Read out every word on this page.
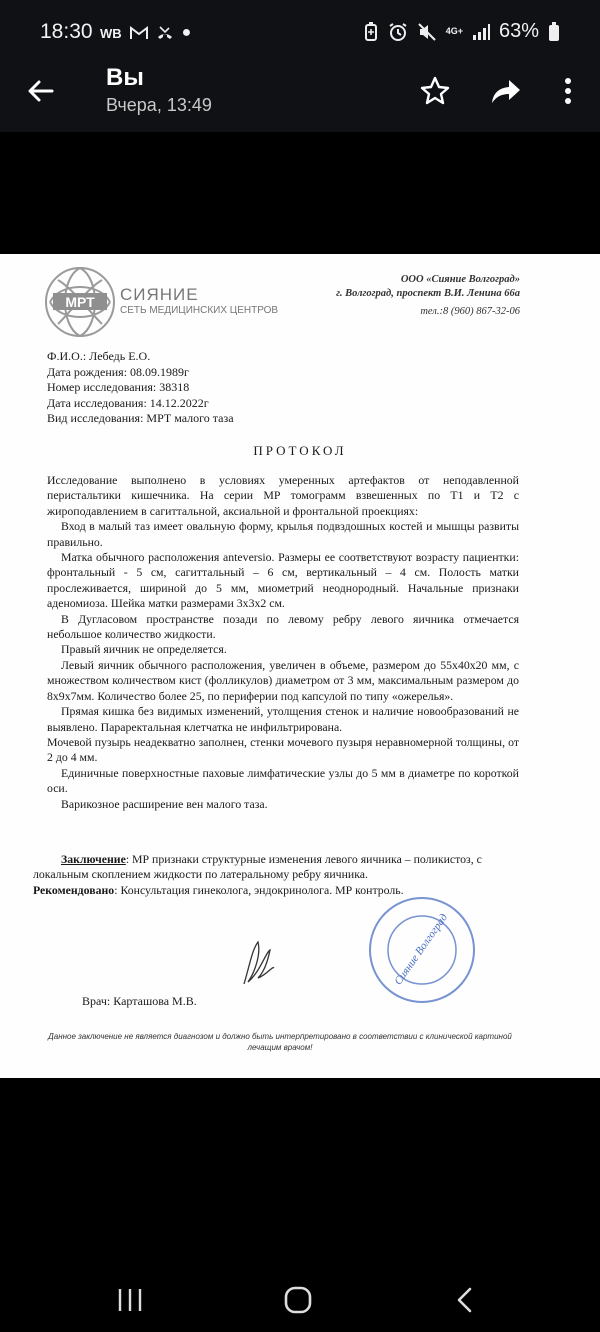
18:30 WB	●	4G+ 63%
Вы
Вчера, 13:49
МРТ СИЯНИЕ
СЕТЬ МЕДИЦИНСКИХ ЦЕНТРОВ
ООО «Сияние Волгоград»
г. Волгоград, проспект В.И. Ленина 66а
тел.:8 (960) 867-32-06
Ф.И.О.: Лебедь Е.О.
Дата рождения: 08.09.1989г
Номер исследования: 38318
Дата исследования: 14.12.2022г
Вид исследования: МРТ малого таза
ПРОТОКОЛ

Исследование выполнено в условиях умеренных артефактов от неподавленной перистальтики кишечника. На серии МР томограмм взвешенных по Т1 и Т2 с жироподавлением в сагиттальной, аксиальной и фронтальной проекциях:

Вход в малый таз имеет овальную форму, крылья подвздошных костей и мышцы развиты правильно.

Матка обычного расположения anteversio. Размеры ее соответствуют возрасту пациентки: фронтальный - 5 см, сагиттальный – 6 см, вертикальный – 4 см. Полость матки прослеживается, шириной до 5 мм, миометрий неоднородный. Начальные признаки аденомиоза. Шейка матки размерами 3х3х2 см.

В Дугласовом пространстве позади по левому ребру левого яичника отмечается небольшое количество жидкости.

Правый яичник не определяется.

Левый яичник обычного расположения, увеличен в объеме, размером до 55х40х20 мм, с множеством количеством кист (фолликулов) диаметром от 3 мм, максимальным размером до 8х9х7мм. Количество более 25, по периферии под капсулой по типу «ожерелья».

Прямая кишка без видимых изменений, утолщения стенок и наличие новообразований не выявлено. Параректальная клетчатка не инфильтрирована.

Мочевой пузырь неадекватно заполнен, стенки мочевого пузыря неравномерной толщины, от 2 до 4 мм.

Единичные поверхностные паховые лимфатические узлы до 5 мм в диаметре по короткой оси.

Варикозное расширение вен малого таза.

Заключение: МР признаки структурные изменения левого яичника – поликистоз, с локальным скоплением жидкости по латеральному ребру яичника.

Рекомендовано: Консультация гинеколога, эндокринолога. МР контроль.

Сияние Волгоград
Врач: Карташова М.В.
Данное заключение не является диагнозом и должно быть интерпретировано в соответствии с клинической картиной лечащим врачом!
